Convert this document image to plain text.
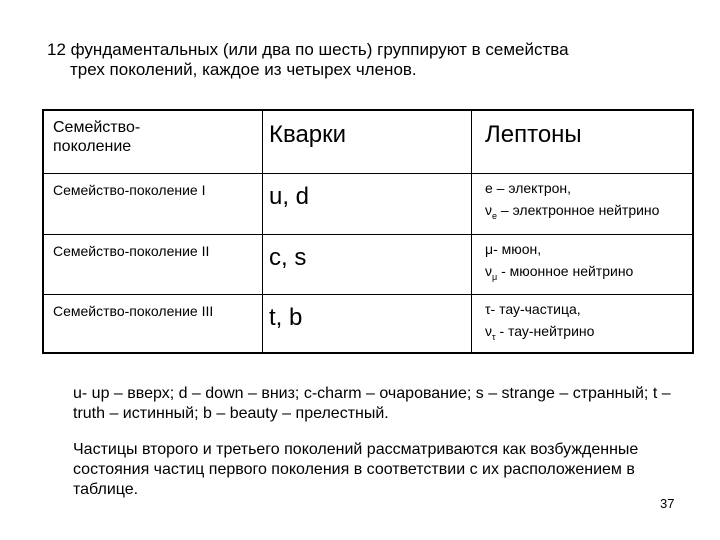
12 фундаментальных (или два по шесть) группируют в семейства
трех поколений, каждое из четырех членов.
Семейство-поколение	Кварки	Лептоны

Семейство-поколение I	u, d	е – электрон,
$\nu_е$ – электронное нейтрино

Семейство-поколение II	c, s	μ- мюон,
$\nu_\mu$ - мюонное нейтрино

Семейство-поколение III	t, b	τ- тау-частица,
$\nu_\tau$ - тау-нейтрино
u- up – вверх; d – down – вниз; c-charm – очарование; s – strange – странный; t – truth – истинный; b – beauty – прелестный.
Частицы второго и третьего поколений рассматриваются как возбужденные состояния частиц первого поколения в соответствии с их расположением в таблице.
37
